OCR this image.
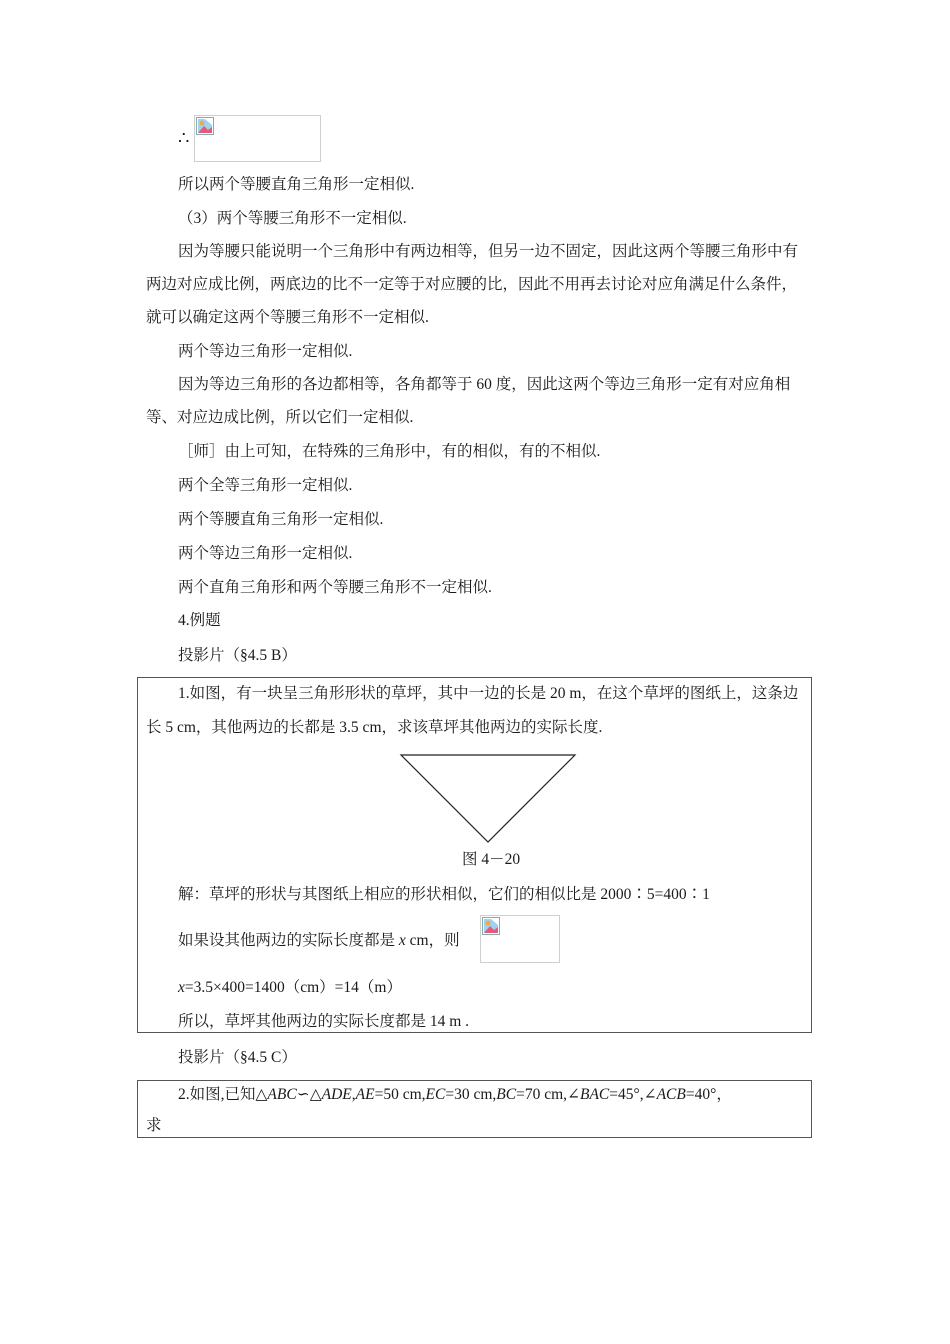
∴

所以两个等腰直角三角形一定相似.

（3）两个等腰三角形不一定相似.

因为等腰只能说明一个三角形中有两边相等，但另一边不固定，因此这两个等腰三角形中有两边对应成比例，两底边的比不一定等于对应腰的比，因此不用再去讨论对应角满足什么条件，就可以确定这两个等腰三角形不一定相似.

两个等边三角形一定相似.

因为等边三角形的各边都相等，各角都等于 60 度，因此这两个等边三角形一定有对应角相等、对应边成比例，所以它们一定相似.

［师］由上可知，在特殊的三角形中，有的相似，有的不相似.

两个全等三角形一定相似.

两个等腰直角三角形一定相似.

两个等边三角形一定相似.

两个直角三角形和两个等腰三角形不一定相似.

4.例题

投影片（§4.5 B）

1.如图，有一块呈三角形形状的草坪，其中一边的长是 20 m，在这个草坪的图纸上，这条边长 5 cm，其他两边的长都是 3.5 cm，求该草坪其他两边的实际长度.

图 4－20

解：草坪的形状与其图纸上相应的形状相似，它们的相似比是 2000∶5=400∶1

如果设其他两边的实际长度都是 x cm，则

x=3.5×400=1400（cm）=14（m）

所以，草坪其他两边的实际长度都是 14 m .

投影片（§4.5 C）

2.如图,已知△ABC∽△ADE,AE=50 cm,EC=30 cm,BC=70 cm,∠BAC=45°,∠ACB=40°，

求
